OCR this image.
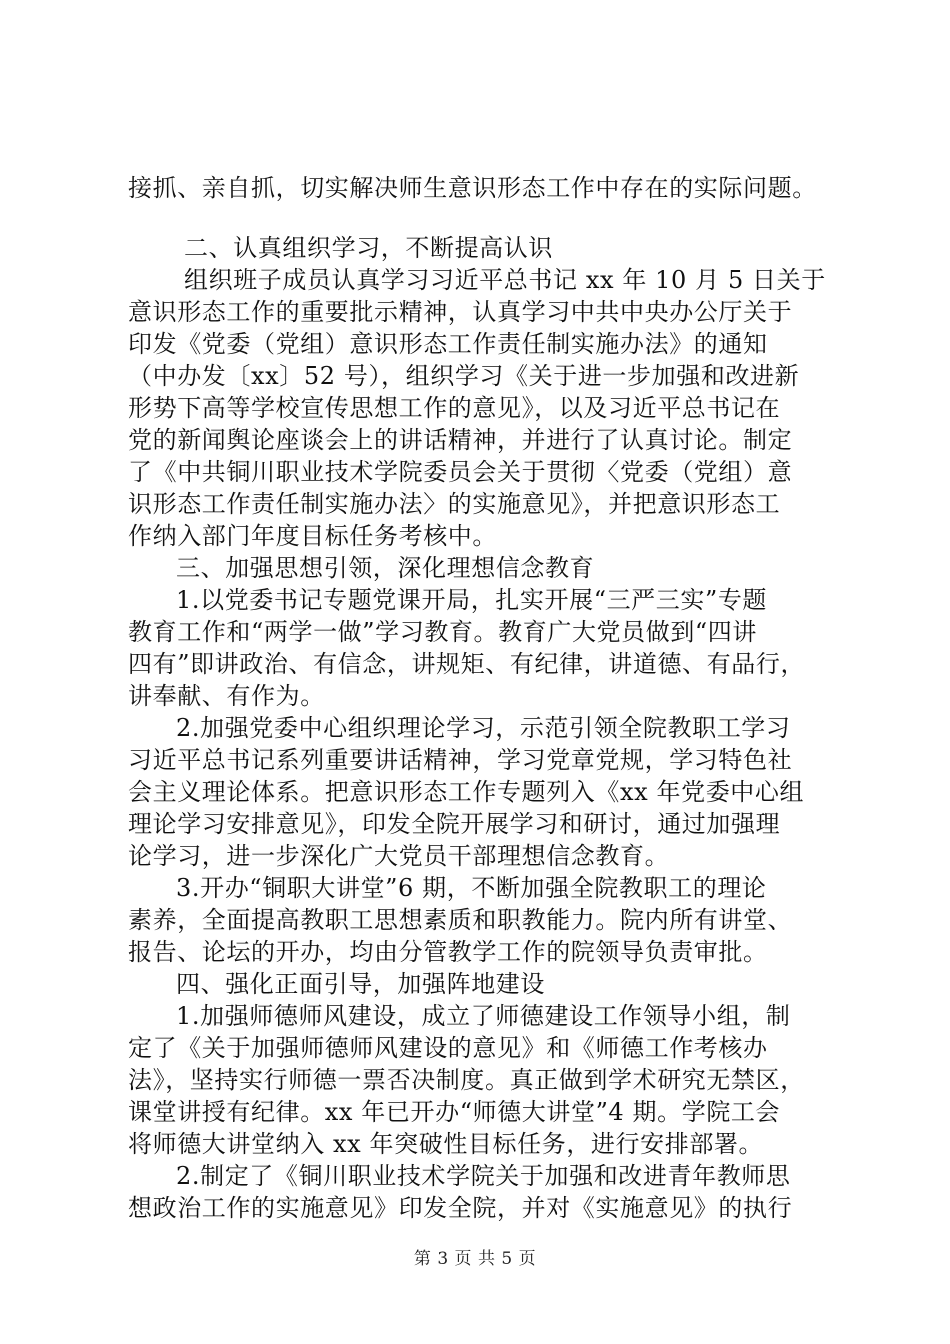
接抓、亲自抓，切实解决师生意识形态工作中存在的实际问题。
二、认真组织学习，不断提高认识
组织班子成员认真学习习近平总书记 xx 年 10 月 5 日关于
意识形态工作的重要批示精神，认真学习中共中央办公厅关于
印发《党委（党组）意识形态工作责任制实施办法》的通知
（中办发〔xx〕52 号），组织学习《关于进一步加强和改进新
形势下高等学校宣传思想工作的意见》，以及习近平总书记在
党的新闻舆论座谈会上的讲话精神，并进行了认真讨论。制定
了《中共铜川职业技术学院委员会关于贯彻〈党委（党组）意
识形态工作责任制实施办法〉的实施意见》，并把意识形态工
作纳入部门年度目标任务考核中。
三、加强思想引领，深化理想信念教育
1.以党委书记专题党课开局，扎实开展“三严三实”专题
教育工作和“两学一做”学习教育。教育广大党员做到“四讲
四有”即讲政治、有信念，讲规矩、有纪律，讲道德、有品行，
讲奉献、有作为。
2.加强党委中心组织理论学习，示范引领全院教职工学习
习近平总书记系列重要讲话精神，学习党章党规，学习特色社
会主义理论体系。把意识形态工作专题列入《xx 年党委中心组
理论学习安排意见》，印发全院开展学习和研讨，通过加强理
论学习，进一步深化广大党员干部理想信念教育。
3.开办“铜职大讲堂”6 期，不断加强全院教职工的理论
素养，全面提高教职工思想素质和职教能力。院内所有讲堂、
报告、论坛的开办，均由分管教学工作的院领导负责审批。
四、强化正面引导，加强阵地建设
1.加强师德师风建设，成立了师德建设工作领导小组，制
定了《关于加强师德师风建设的意见》和《师德工作考核办
法》，坚持实行师德一票否决制度。真正做到学术研究无禁区，
课堂讲授有纪律。xx 年已开办“师德大讲堂”4 期。学院工会
将师德大讲堂纳入 xx 年突破性目标任务，进行安排部署。
2.制定了《铜川职业技术学院关于加强和改进青年教师思
想政治工作的实施意见》印发全院，并对《实施意见》的执行
第 3 页 共 5 页
